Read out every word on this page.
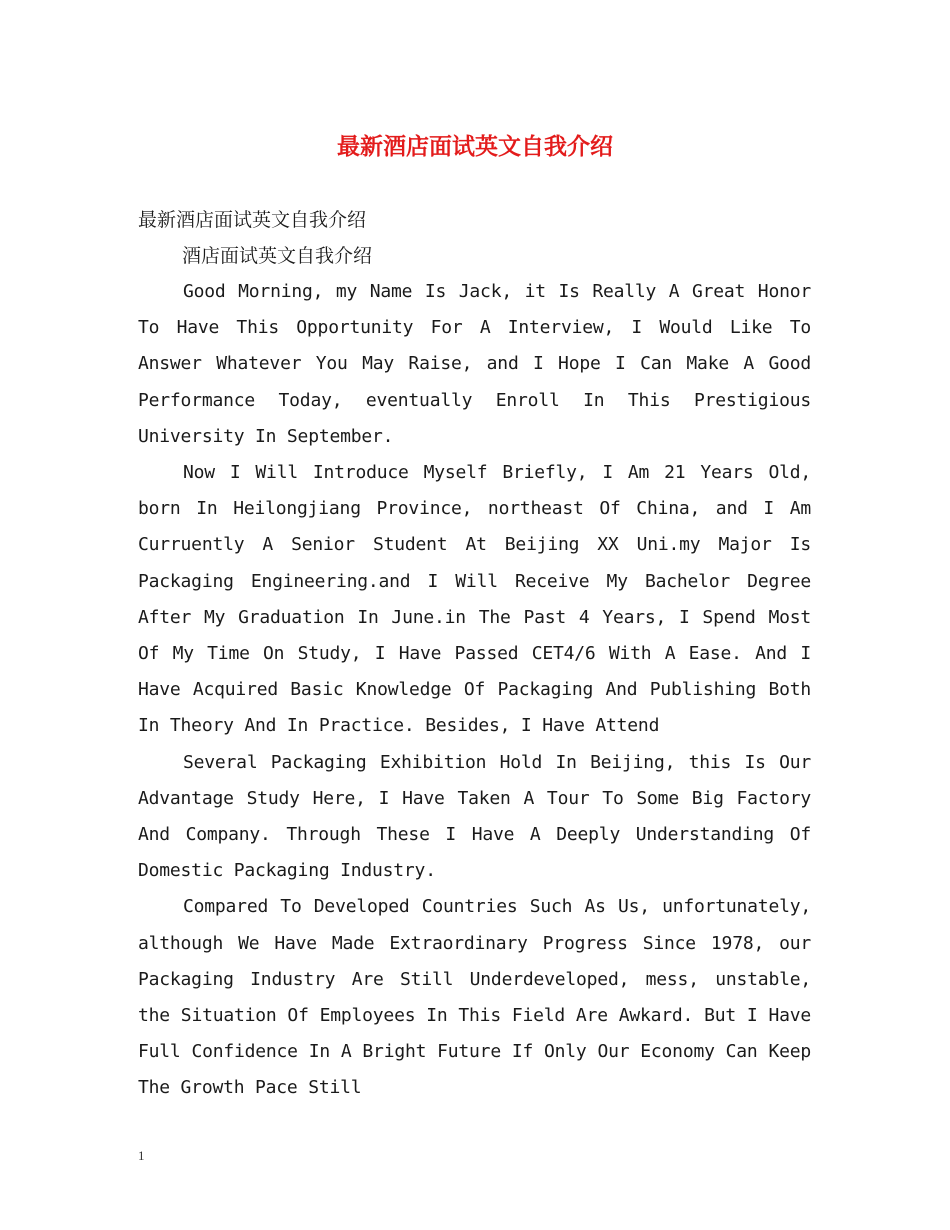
最新酒店面试英文自我介绍

最新酒店面试英文自我介绍

酒店面试英文自我介绍

Good Morning, my Name Is Jack, it Is Really A Great Honor To Have This Opportunity For A Interview, I Would Like To Answer Whatever You May Raise, and I Hope I Can Make A Good Performance Today, eventually Enroll In This Prestigious University In September.

Now I Will Introduce Myself Briefly, I Am 21 Years Old, born In Heilongjiang Province, northeast Of China, and I Am Curruently A Senior Student At Beijing XX Uni.my Major Is Packaging Engineering.and I Will Receive My Bachelor Degree After My Graduation In June.in The Past 4 Years, I Spend Most Of My Time On Study, I Have Passed CET4/6 With A Ease. And I Have Acquired Basic Knowledge Of Packaging And Publishing Both In Theory And In Practice. Besides, I Have Attend

Several Packaging Exhibition Hold In Beijing, this Is Our Advantage Study Here, I Have Taken A Tour To Some Big Factory And Company. Through These I Have A Deeply Understanding Of Domestic Packaging Industry.

Compared To Developed Countries Such As Us, unfortunately, although We Have Made Extraordinary Progress Since 1978, our Packaging Industry Are Still Underdeveloped, mess, unstable, the Situation Of Employees In This Field Are Awkard. But I Have Full Confidence In A Bright Future If Only Our Economy Can Keep The Growth Pace Still

1
